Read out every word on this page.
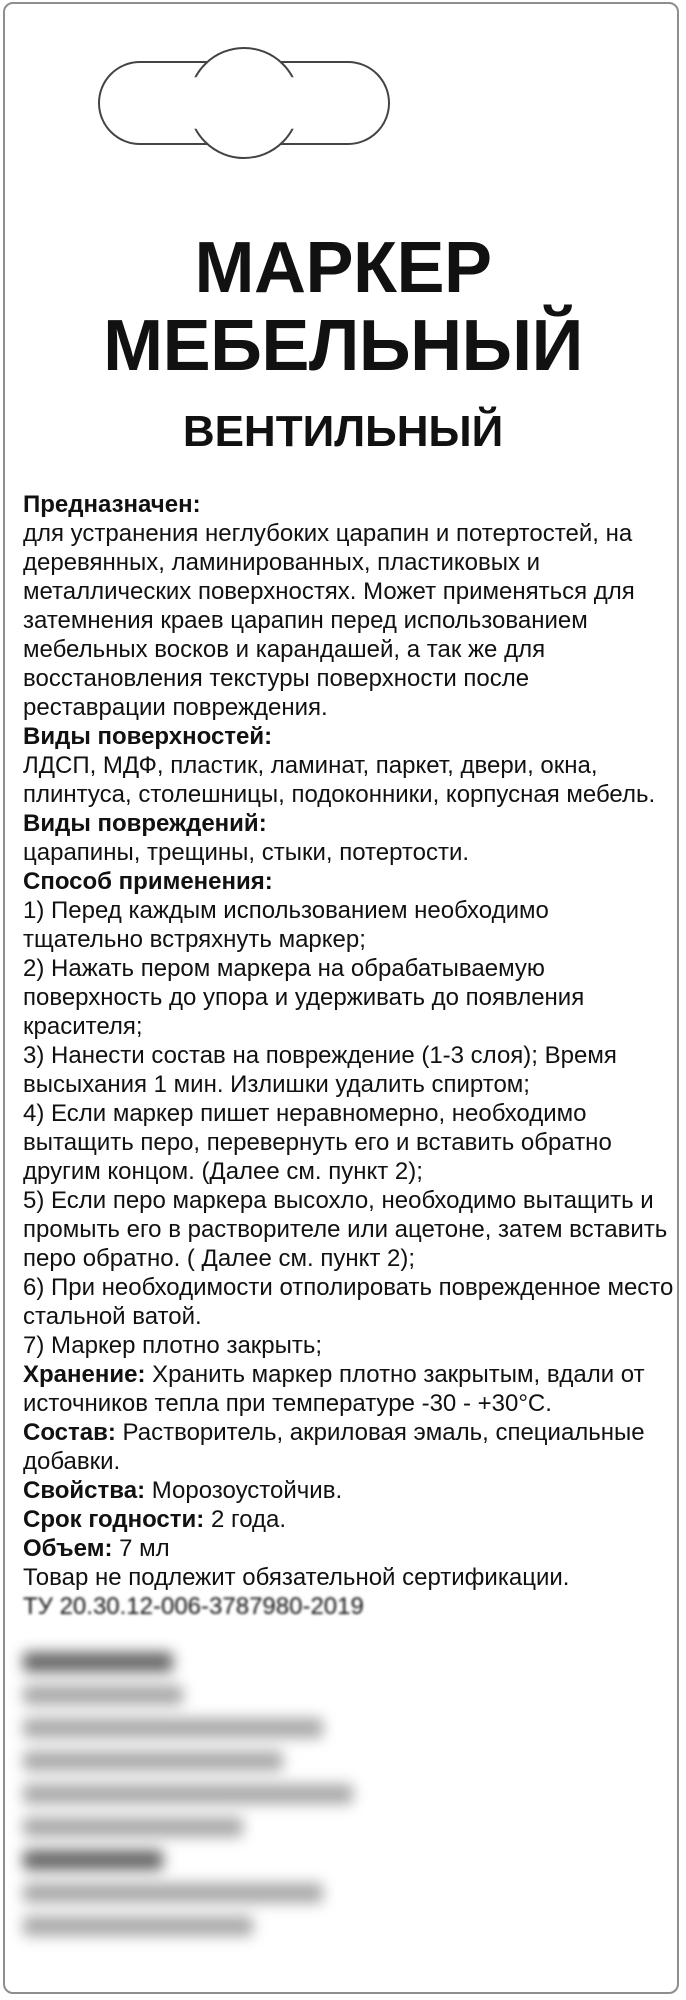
МАРКЕР
МЕБЕЛЬНЫЙ
ВЕНТИЛЬНЫЙ

Предназначен:

для устранения неглубоких царапин и потертостей, на деревянных, ламинированных, пластиковых и металлических поверхностях. Может применяться для затемнения краев царапин перед использованием мебельных восков и карандашей, а так же для восстановления текстуры поверхности после реставрации повреждения.

Виды поверхностей:

ЛДСП, МДФ, пластик, ламинат, паркет, двери, окна, плинтуса, столешницы, подоконники, корпусная мебель.

Виды повреждений:

царапины, трещины, стыки, потертости.

Способ применения:

1) Перед каждым использованием необходимо тщательно встряхнуть маркер;

2) Нажать пером маркера на обрабатываемую поверхность до упора и удерживать до появления красителя;

3) Нанести состав на повреждение (1-3 слоя); Время высыхания 1 мин. Излишки удалить спиртом;

4) Если маркер пишет неравномерно, необходимо вытащить перо, перевернуть его и вставить обратно другим концом. (Далее см. пункт 2);

5) Если перо маркера высохло, необходимо вытащить и промыть его в растворителе или ацетоне, затем вставить перо обратно. ( Далее см. пункт 2);

6) При необходимости отполировать поврежденное место стальной ватой.

7) Маркер плотно закрыть;

Хранение: Хранить маркер плотно закрытым, вдали от источников тепла при температуре -30 - +30°C.

Состав: Растворитель, акриловая эмаль, специальные добавки.

Свойства: Морозоустойчив.

Срок годности: 2 года.

Объем: 7 мл

Товар не подлежит обязательной сертификации.

ТУ 20.30.12-006-3787980-2019
